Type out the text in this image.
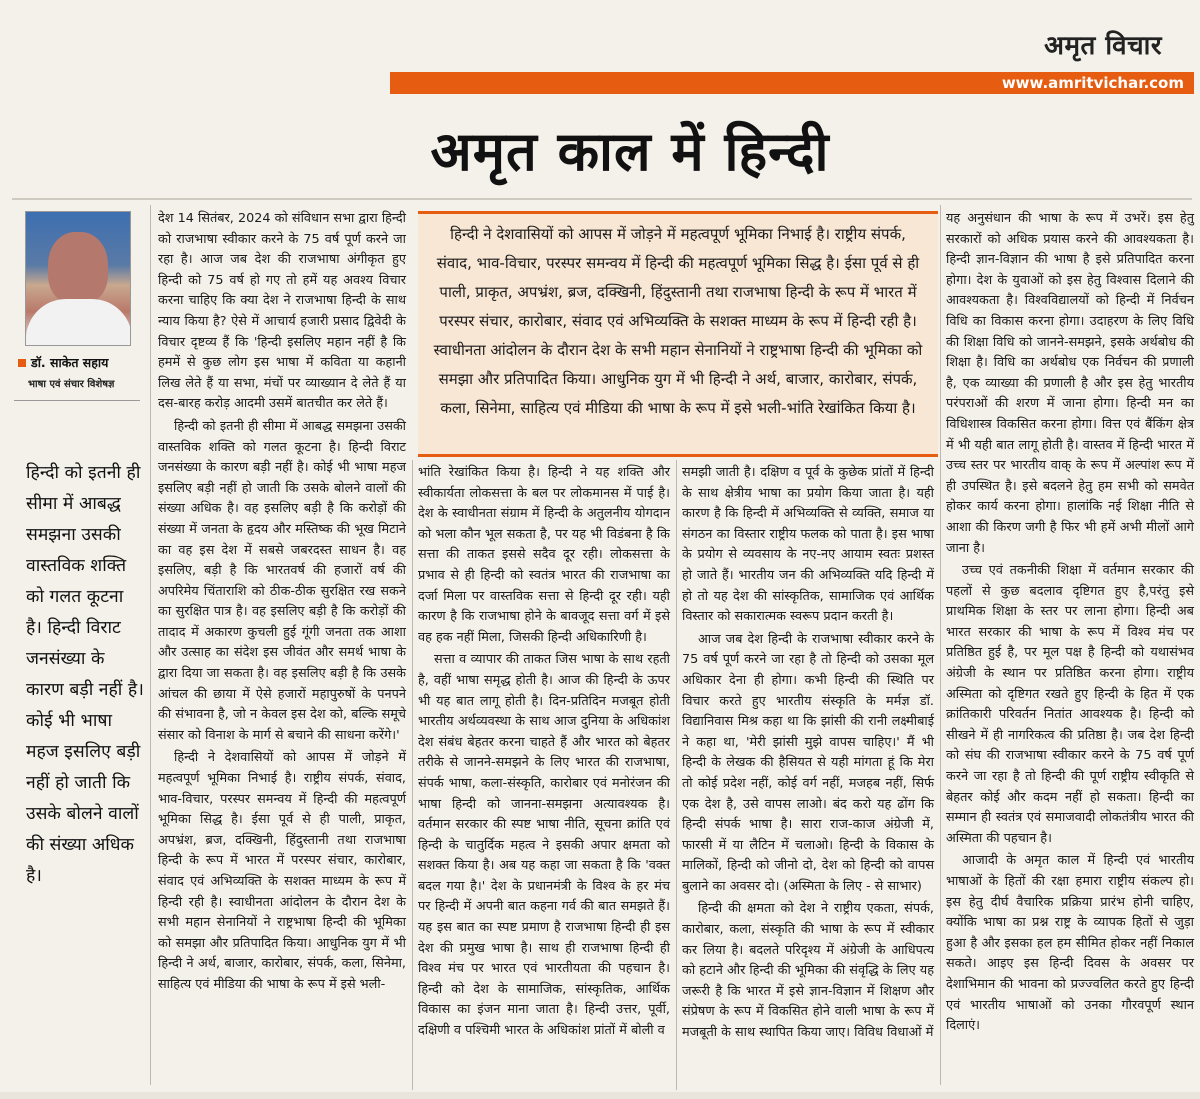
अमृत विचार
www.amritvichar.com
अमृत काल में हिन्दी
डॉ. साकेत सहाय
भाषा एवं संचार विशेषज्ञ
हिन्दी को इतनी ही सीमा में आबद्ध समझना उसकी वास्तविक शक्ति को गलत कूटना है। हिन्दी विराट जनसंख्या के कारण बड़ी नहीं है। कोई भी भाषा महज इसलिए बड़ी नहीं हो जाती कि उसके बोलने वालों की संख्या अधिक है।

देश 14 सितंबर, 2024 को संविधान सभा द्वारा हिन्दी को राजभाषा स्वीकार करने के 75 वर्ष पूर्ण करने जा रहा है। आज जब देश की राजभाषा अंगीकृत हुए हिन्दी को 75 वर्ष हो गए तो हमें यह अवश्य विचार करना चाहिए कि क्या देश ने राजभाषा हिन्दी के साथ न्याय किया है? ऐसे में आचार्य हजारी प्रसाद द्विवेदी के विचार दृष्टव्य हैं कि 'हिन्दी इसलिए महान नहीं है कि हममें से कुछ लोग इस भाषा में कविता या कहानी लिख लेते हैं या सभा, मंचों पर व्याख्यान दे लेते हैं या दस-बारह करोड़ आदमी उसमें बातचीत कर लेते हैं।

हिन्दी को इतनी ही सीमा में आबद्ध समझना उसकी वास्तविक शक्ति को गलत कूटना है। हिन्दी विराट जनसंख्या के कारण बड़ी नहीं है। कोई भी भाषा महज इसलिए बड़ी नहीं हो जाती कि उसके बोलने वालों की संख्या अधिक है। वह इसलिए बड़ी है कि करोड़ों की संख्या में जनता के हृदय और मस्तिष्क की भूख मिटाने का वह इस देश में सबसे जबरदस्त साधन है। वह इसलिए, बड़ी है कि भारतवर्ष की हजारों वर्ष की अपरिमेय चिंताराशि को ठीक-ठीक सुरक्षित रख सकने का सुरक्षित पात्र है। वह इसलिए बड़ी है कि करोड़ों की तादाद में अकारण कुचली हुई गूंगी जनता तक आशा और उत्साह का संदेश इस जीवंत और समर्थ भाषा के द्वारा दिया जा सकता है। वह इसलिए बड़ी है कि उसके आंचल की छाया में ऐसे हजारों महापुरुषों के पनपने की संभावना है, जो न केवल इस देश को, बल्कि समूचे संसार को विनाश के मार्ग से बचाने की साधना करेंगे।'

हिन्दी ने देशवासियों को आपस में जोड़ने में महत्वपूर्ण भूमिका निभाई है। राष्ट्रीय संपर्क, संवाद, भाव-विचार, परस्पर समन्वय में हिन्दी की महत्वपूर्ण भूमिका सिद्ध है। ईसा पूर्व से ही पाली, प्राकृत, अपभ्रंश, ब्रज, दक्खिनी, हिंदुस्तानी तथा राजभाषा हिन्दी के रूप में भारत में परस्पर संचार, कारोबार, संवाद एवं अभिव्यक्ति के सशक्त माध्यम के रूप में हिन्दी रही है। स्वाधीनता आंदोलन के दौरान देश के सभी महान सेनानियों ने राष्ट्रभाषा हिन्दी की भूमिका को समझा और प्रतिपादित किया। आधुनिक युग में भी हिन्दी ने अर्थ, बाजार, कारोबार, संपर्क, कला, सिनेमा, साहित्य एवं मीडिया की भाषा के रूप में इसे भली-

हिन्दी ने देशवासियों को आपस में जोड़ने में महत्वपूर्ण भूमिका निभाई है। राष्ट्रीय संपर्क, संवाद, भाव-विचार, परस्पर समन्वय में हिन्दी की महत्वपूर्ण भूमिका सिद्ध है। ईसा पूर्व से ही पाली, प्राकृत, अपभ्रंश, ब्रज, दक्खिनी, हिंदुस्तानी तथा राजभाषा हिन्दी के रूप में भारत में परस्पर संचार, कारोबार, संवाद एवं अभिव्यक्ति के सशक्त माध्यम के रूप में हिन्दी रही है। स्वाधीनता आंदोलन के दौरान देश के सभी महान सेनानियों ने राष्ट्रभाषा हिन्दी की भूमिका को समझा और प्रतिपादित किया। आधुनिक युग में भी हिन्दी ने अर्थ, बाजार, कारोबार, संपर्क, कला, सिनेमा, साहित्य एवं मीडिया की भाषा के रूप में इसे भली-भांति रेखांकित किया है।

भांति रेखांकित किया है। हिन्दी ने यह शक्ति और स्वीकार्यता लोकसत्ता के बल पर लोकमानस में पाई है। देश के स्वाधीनता संग्राम में हिन्दी के अतुलनीय योगदान को भला कौन भूल सकता है, पर यह भी विडंबना है कि सत्ता की ताकत इससे सदैव दूर रही। लोकसत्ता के प्रभाव से ही हिन्दी को स्वतंत्र भारत की राजभाषा का दर्जा मिला पर वास्तविक सत्ता से हिन्दी दूर रही। यही कारण है कि राजभाषा होने के बावजूद सत्ता वर्ग में इसे वह हक नहीं मिला, जिसकी हिन्दी अधिकारिणी है।

सत्ता व व्यापार की ताकत जिस भाषा के साथ रहती है, वहीं भाषा समृद्ध होती है। आज की हिन्दी के ऊपर भी यह बात लागू होती है। दिन-प्रतिदिन मजबूत होती भारतीय अर्थव्यवस्था के साथ आज दुनिया के अधिकांश देश संबंध बेहतर करना चाहते हैं और भारत को बेहतर तरीके से जानने-समझने के लिए भारत की राजभाषा, संपर्क भाषा, कला-संस्कृति, कारोबार एवं मनोरंजन की भाषा हिन्दी को जानना-समझना अत्यावश्यक है। वर्तमान सरकार की स्पष्ट भाषा नीति, सूचना क्रांति एवं हिन्दी के चातुर्दिक महत्व ने इसकी अपार क्षमता को सशक्त किया है। अब यह कहा जा सकता है कि 'वक्त बदल गया है।' देश के प्रधानमंत्री के विश्व के हर मंच पर हिन्दी में अपनी बात कहना गर्व की बात समझते हैं। यह इस बात का स्पष्ट प्रमाण है राजभाषा हिन्दी ही इस देश की प्रमुख भाषा है। साथ ही राजभाषा हिन्दी ही विश्व मंच पर भारत एवं भारतीयता की पहचान है। हिन्दी को देश के सामाजिक, सांस्कृतिक, आर्थिक विकास का इंजन माना जाता है। हिन्दी उत्तर, पूर्वी, दक्षिणी व पश्चिमी भारत के अधिकांश प्रांतों में बोली व

समझी जाती है। दक्षिण व पूर्व के कुछेक प्रांतों में हिन्दी के साथ क्षेत्रीय भाषा का प्रयोग किया जाता है। यही कारण है कि हिन्दी में अभिव्यक्ति से व्यक्ति, समाज या संगठन का विस्तार राष्ट्रीय फलक को पाता है। इस भाषा के प्रयोग से व्यवसाय के नए-नए आयाम स्वतः प्रशस्त हो जाते हैं। भारतीय जन की अभिव्यक्ति यदि हिन्दी में हो तो यह देश की सांस्कृतिक, सामाजिक एवं आर्थिक विस्तार को सकारात्मक स्वरूप प्रदान करती है।

आज जब देश हिन्दी के राजभाषा स्वीकार करने के 75 वर्ष पूर्ण करने जा रहा है तो हिन्दी को उसका मूल अधिकार देना ही होगा। कभी हिन्दी की स्थिति पर विचार करते हुए भारतीय संस्कृति के मर्मज्ञ डॉ. विद्यानिवास मिश्र कहा था कि झांसी की रानी लक्ष्मीबाई ने कहा था, 'मेरी झांसी मुझे वापस चाहिए।' मैं भी हिन्दी के लेखक की हैसियत से यही मांगता हूं कि मेरा तो कोई प्रदेश नहीं, कोई वर्ग नहीं, मजहब नहीं, सिर्फ एक देश है, उसे वापस लाओ। बंद करो यह ढोंग कि हिन्दी संपर्क भाषा है। सारा राज-काज अंग्रेजी में, फारसी में या लैटिन में चलाओ। हिन्दी के विकास के मालिकों, हिन्दी को जीनो दो, देश को हिन्दी को वापस बुलाने का अवसर दो। (अस्मिता के लिए - से साभार)

हिन्दी की क्षमता को देश ने राष्ट्रीय एकता, संपर्क, कारोबार, कला, संस्कृति की भाषा के रूप में स्वीकार कर लिया है। बदलते परिदृश्य में अंग्रेजी के आधिपत्य को हटाने और हिन्दी की भूमिका की संवृद्धि के लिए यह जरूरी है कि भारत में इसे ज्ञान-विज्ञान में शिक्षण और संप्रेषण के रूप में विकसित होने वाली भाषा के रूप में मजबूती के साथ स्थापित किया जाए। विविध विधाओं में

यह अनुसंधान की भाषा के रूप में उभरें। इस हेतु सरकारों को अधिक प्रयास करने की आवश्यकता है। हिन्दी ज्ञान-विज्ञान की भाषा है इसे प्रतिपादित करना होगा। देश के युवाओं को इस हेतु विश्वास दिलाने की आवश्यकता है। विश्वविद्यालयों को हिन्दी में निर्वचन विधि का विकास करना होगा। उदाहरण के लिए विधि की शिक्षा विधि को जानने-समझने, इसके अर्थबोध की शिक्षा है। विधि का अर्थबोध एक निर्वचन की प्रणाली है, एक व्याख्या की प्रणाली है और इस हेतु भारतीय परंपराओं की शरण में जाना होगा। हिन्दी मन का विधिशास्त्र विकसित करना होगा। वित्त एवं बैंकिंग क्षेत्र में भी यही बात लागू होती है। वास्तव में हिन्दी भारत में उच्च स्तर पर भारतीय वाक् के रूप में अल्पांश रूप में ही उपस्थित है। इसे बदलने हेतु हम सभी को समवेत होकर कार्य करना होगा। हालांकि नई शिक्षा नीति से आशा की किरण जगी है फिर भी हमें अभी मीलों आगे जाना है।

उच्च एवं तकनीकी शिक्षा में वर्तमान सरकार की पहलों से कुछ बदलाव दृष्टिगत हुए है,परंतु इसे प्राथमिक शिक्षा के स्तर पर लाना होगा। हिन्दी अब भारत सरकार की भाषा के रूप में विश्व मंच पर प्रतिष्ठित हुई है, पर मूल पक्ष है हिन्दी को यथासंभव अंग्रेजी के स्थान पर प्रतिष्ठित करना होगा। राष्ट्रीय अस्मिता को दृष्टिगत रखते हुए हिन्दी के हित में एक क्रांतिकारी परिवर्तन नितांत आवश्यक है। हिन्दी को सीखने में ही नागरिकत्व की प्रतिष्ठा है। जब देश हिन्दी को संघ की राजभाषा स्वीकार करने के 75 वर्ष पूर्ण करने जा रहा है तो हिन्दी की पूर्ण राष्ट्रीय स्वीकृति से बेहतर कोई और कदम नहीं हो सकता। हिन्दी का सम्मान ही स्वतंत्र एवं समाजवादी लोकतंत्रीय भारत की अस्मिता की पहचान है।

आजादी के अमृत काल में हिन्दी एवं भारतीय भाषाओं के हितों की रक्षा हमारा राष्ट्रीय संकल्प हो। इस हेतु दीर्घ वैचारिक प्रक्रिया प्रारंभ होनी चाहिए, क्योंकि भाषा का प्रश्न राष्ट्र के व्यापक हितों से जुड़ा हुआ है और इसका हल हम सीमित होकर नहीं निकाल सकते। आइए इस हिन्दी दिवस के अवसर पर देशाभिमान की भावना को प्रज्ज्वलित करते हुए हिन्दी एवं भारतीय भाषाओं को उनका गौरवपूर्ण स्थान दिलाएं।
